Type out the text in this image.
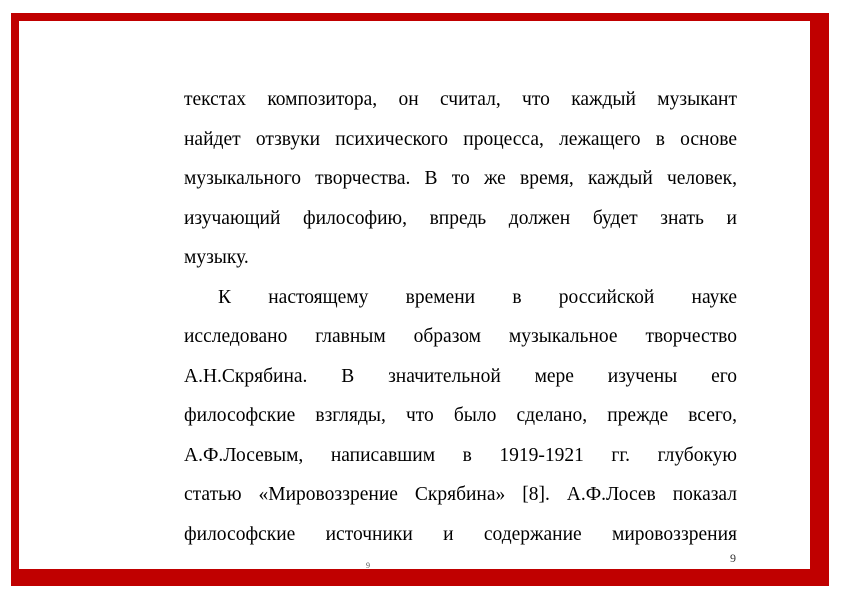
текстах композитора, он считал, что каждый музыкант
найдет отзвуки психического процесса, лежащего в основе
музыкального творчества. В то же время, каждый человек,
изучающий философию, впредь должен будет знать и
музыку.
К настоящему времени в российской науке
исследовано главным образом музыкальное творчество
А.Н.Скрябина. В значительной мере изучены его
философские взгляды, что было сделано, прежде всего,
А.Ф.Лосевым, написавшим в 1919-1921 гг. глубокую
статью «Мировоззрение Скрябина» [8]. А.Ф.Лосев показал
философские источники и содержание мировоззрения
9
9
